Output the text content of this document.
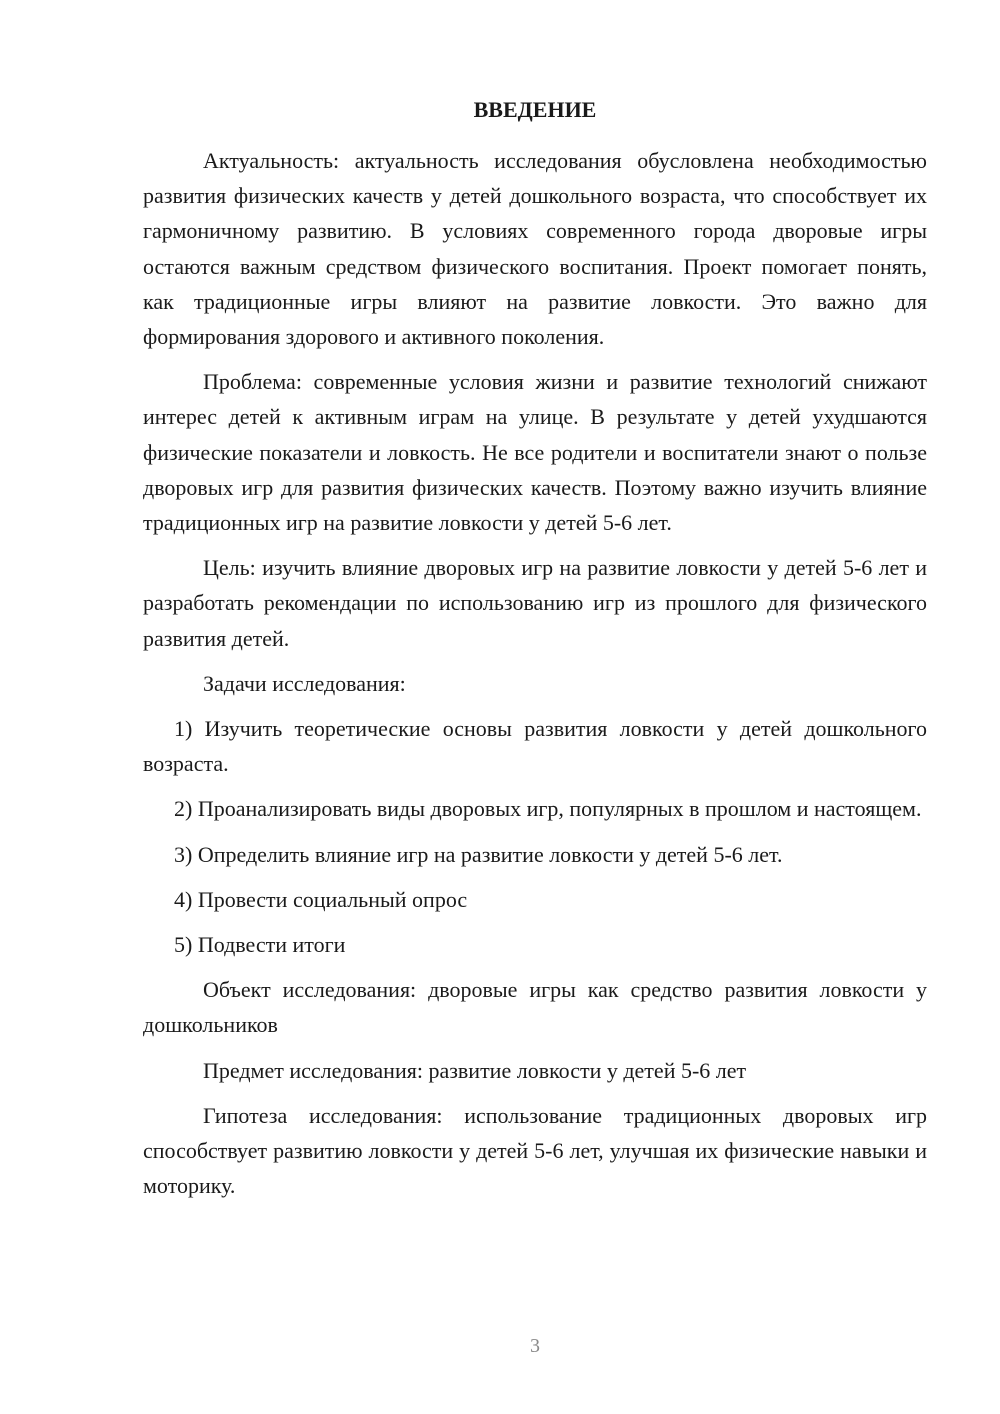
ВВЕДЕНИЕ

Актуальность: актуальность исследования обусловлена необходимостью развития физических качеств у детей дошкольного возраста, что способствует их гармоничному развитию. В условиях современного города дворовые игры остаются важным средством физического воспитания. Проект помогает понять, как традиционные игры влияют на развитие ловкости. Это важно для формирования здорового и активного поколения.

Проблема: современные условия жизни и развитие технологий снижают интерес детей к активным играм на улице. В результате у детей ухудшаются физические показатели и ловкость. Не все родители и воспитатели знают о пользе дворовых игр для развития физических качеств. Поэтому важно изучить влияние традиционных игр на развитие ловкости у детей 5-6 лет.

Цель: изучить влияние дворовых игр на развитие ловкости у детей 5-6 лет и разработать рекомендации по использованию игр из прошлого для физического развития детей.

Задачи исследования:

1) Изучить теоретические основы развития ловкости у детей дошкольного возраста.

2) Проанализировать виды дворовых игр, популярных в прошлом и настоящем.

3) Определить влияние игр на развитие ловкости у детей 5-6 лет.

4) Провести социальный опрос

5) Подвести итоги

Объект исследования: дворовые игры как средство развития ловкости у дошкольников

Предмет исследования: развитие ловкости у детей 5-6 лет

Гипотеза исследования: использование традиционных дворовых игр способствует развитию ловкости у детей 5-6 лет, улучшая их физические навыки и моторику.

3
